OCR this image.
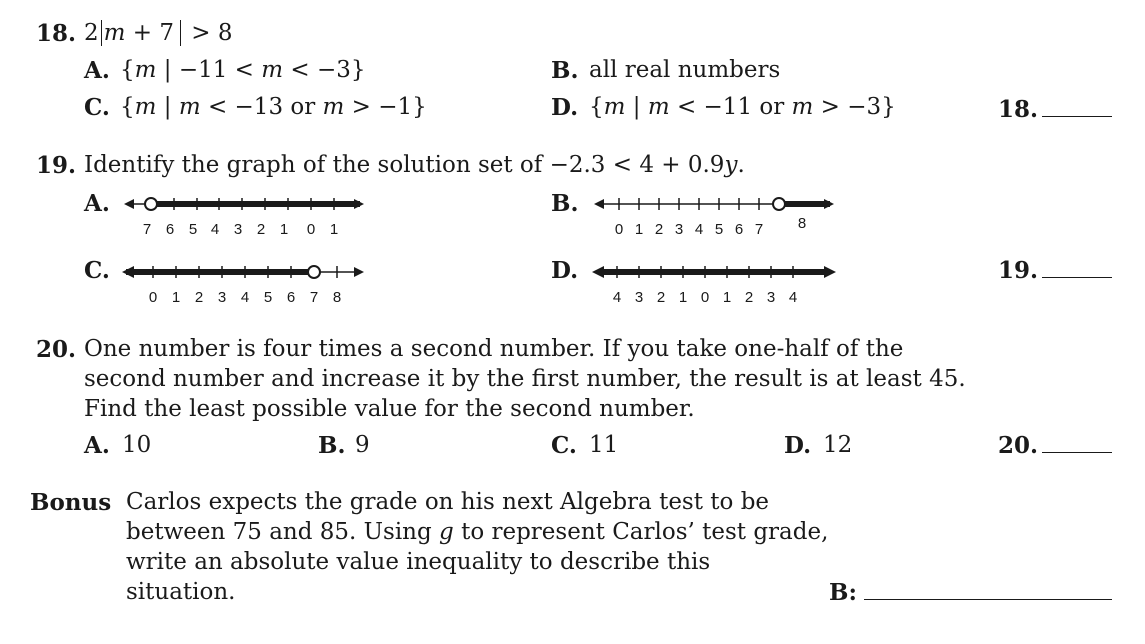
18. 2 m + 7 > 8
A. {m | −11 < m < −3}	B. all real numbers
C. {m | m < −13 or m > −1}	D. {m | m < −11 or m > −3}	18.
19. Identify the graph of the solution set of −2.3 < 4 + 0.9y.
A.
7 6 5 4 3 2 1 0 1
B.
0 1 2 3 4 5 6 7 8
C.
0 1 2 3 4 5 6 7 8
D.
4 3 2 1 0 1 2 3 4
19.
20. One number is four times a second number. If you take one-half of the
second number and increase it by the first number, the result is at least 45.
Find the least possible value for the second number.
A. 10	B. 9	C. 11	D. 12	20.
Bonus Carlos expects the grade on his next Algebra test to be
between 75 and 85. Using g to represent Carlos’ test grade,
write an absolute value inequality to describe this
situation.	B:
